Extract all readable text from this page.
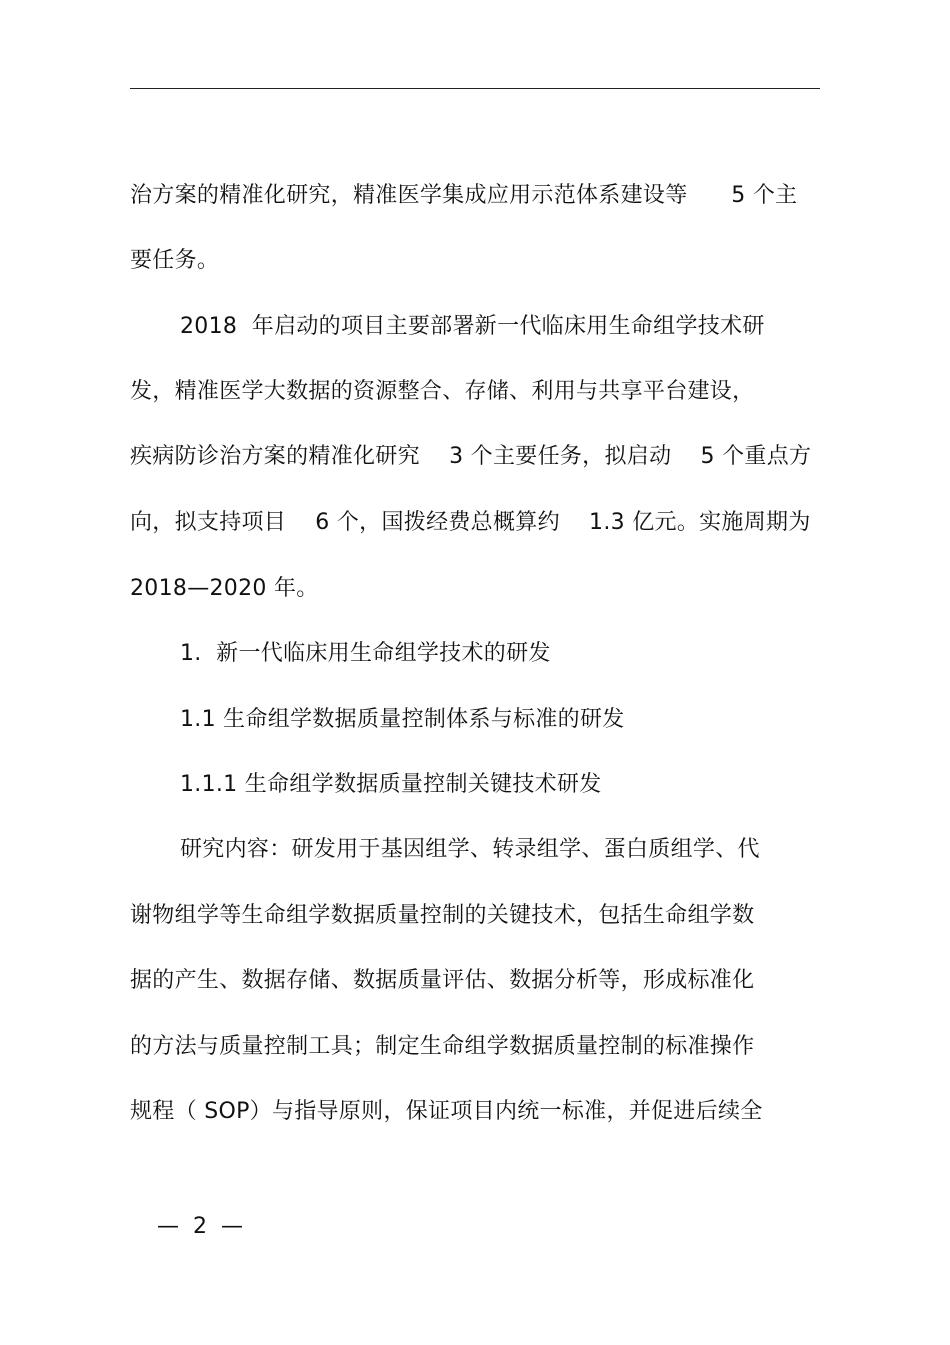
治方案的精准化研究，精准医学集成应用示范体系建设等      5 个主
要任务。
2018  年启动的项目主要部署新一代临床用生命组学技术研
发，精准医学大数据的资源整合、存储、利用与共享平台建设，
疾病防诊治方案的精准化研究    3 个主要任务，拟启动    5 个重点方
向，拟支持项目    6 个，国拨经费总概算约    1.3 亿元。实施周期为
2018—2020 年。
1.  新一代临床用生命组学技术的研发
1.1 生命组学数据质量控制体系与标准的研发
1.1.1 生命组学数据质量控制关键技术研发
研究内容：研发用于基因组学、转录组学、蛋白质组学、代
谢物组学等生命组学数据质量控制的关键技术，包括生命组学数
据的产生、数据存储、数据质量评估、数据分析等，形成标准化
的方法与质量控制工具；制定生命组学数据质量控制的标准操作
规程（ SOP）与指导原则，保证项目内统一标准，并促进后续全
—  2  —
